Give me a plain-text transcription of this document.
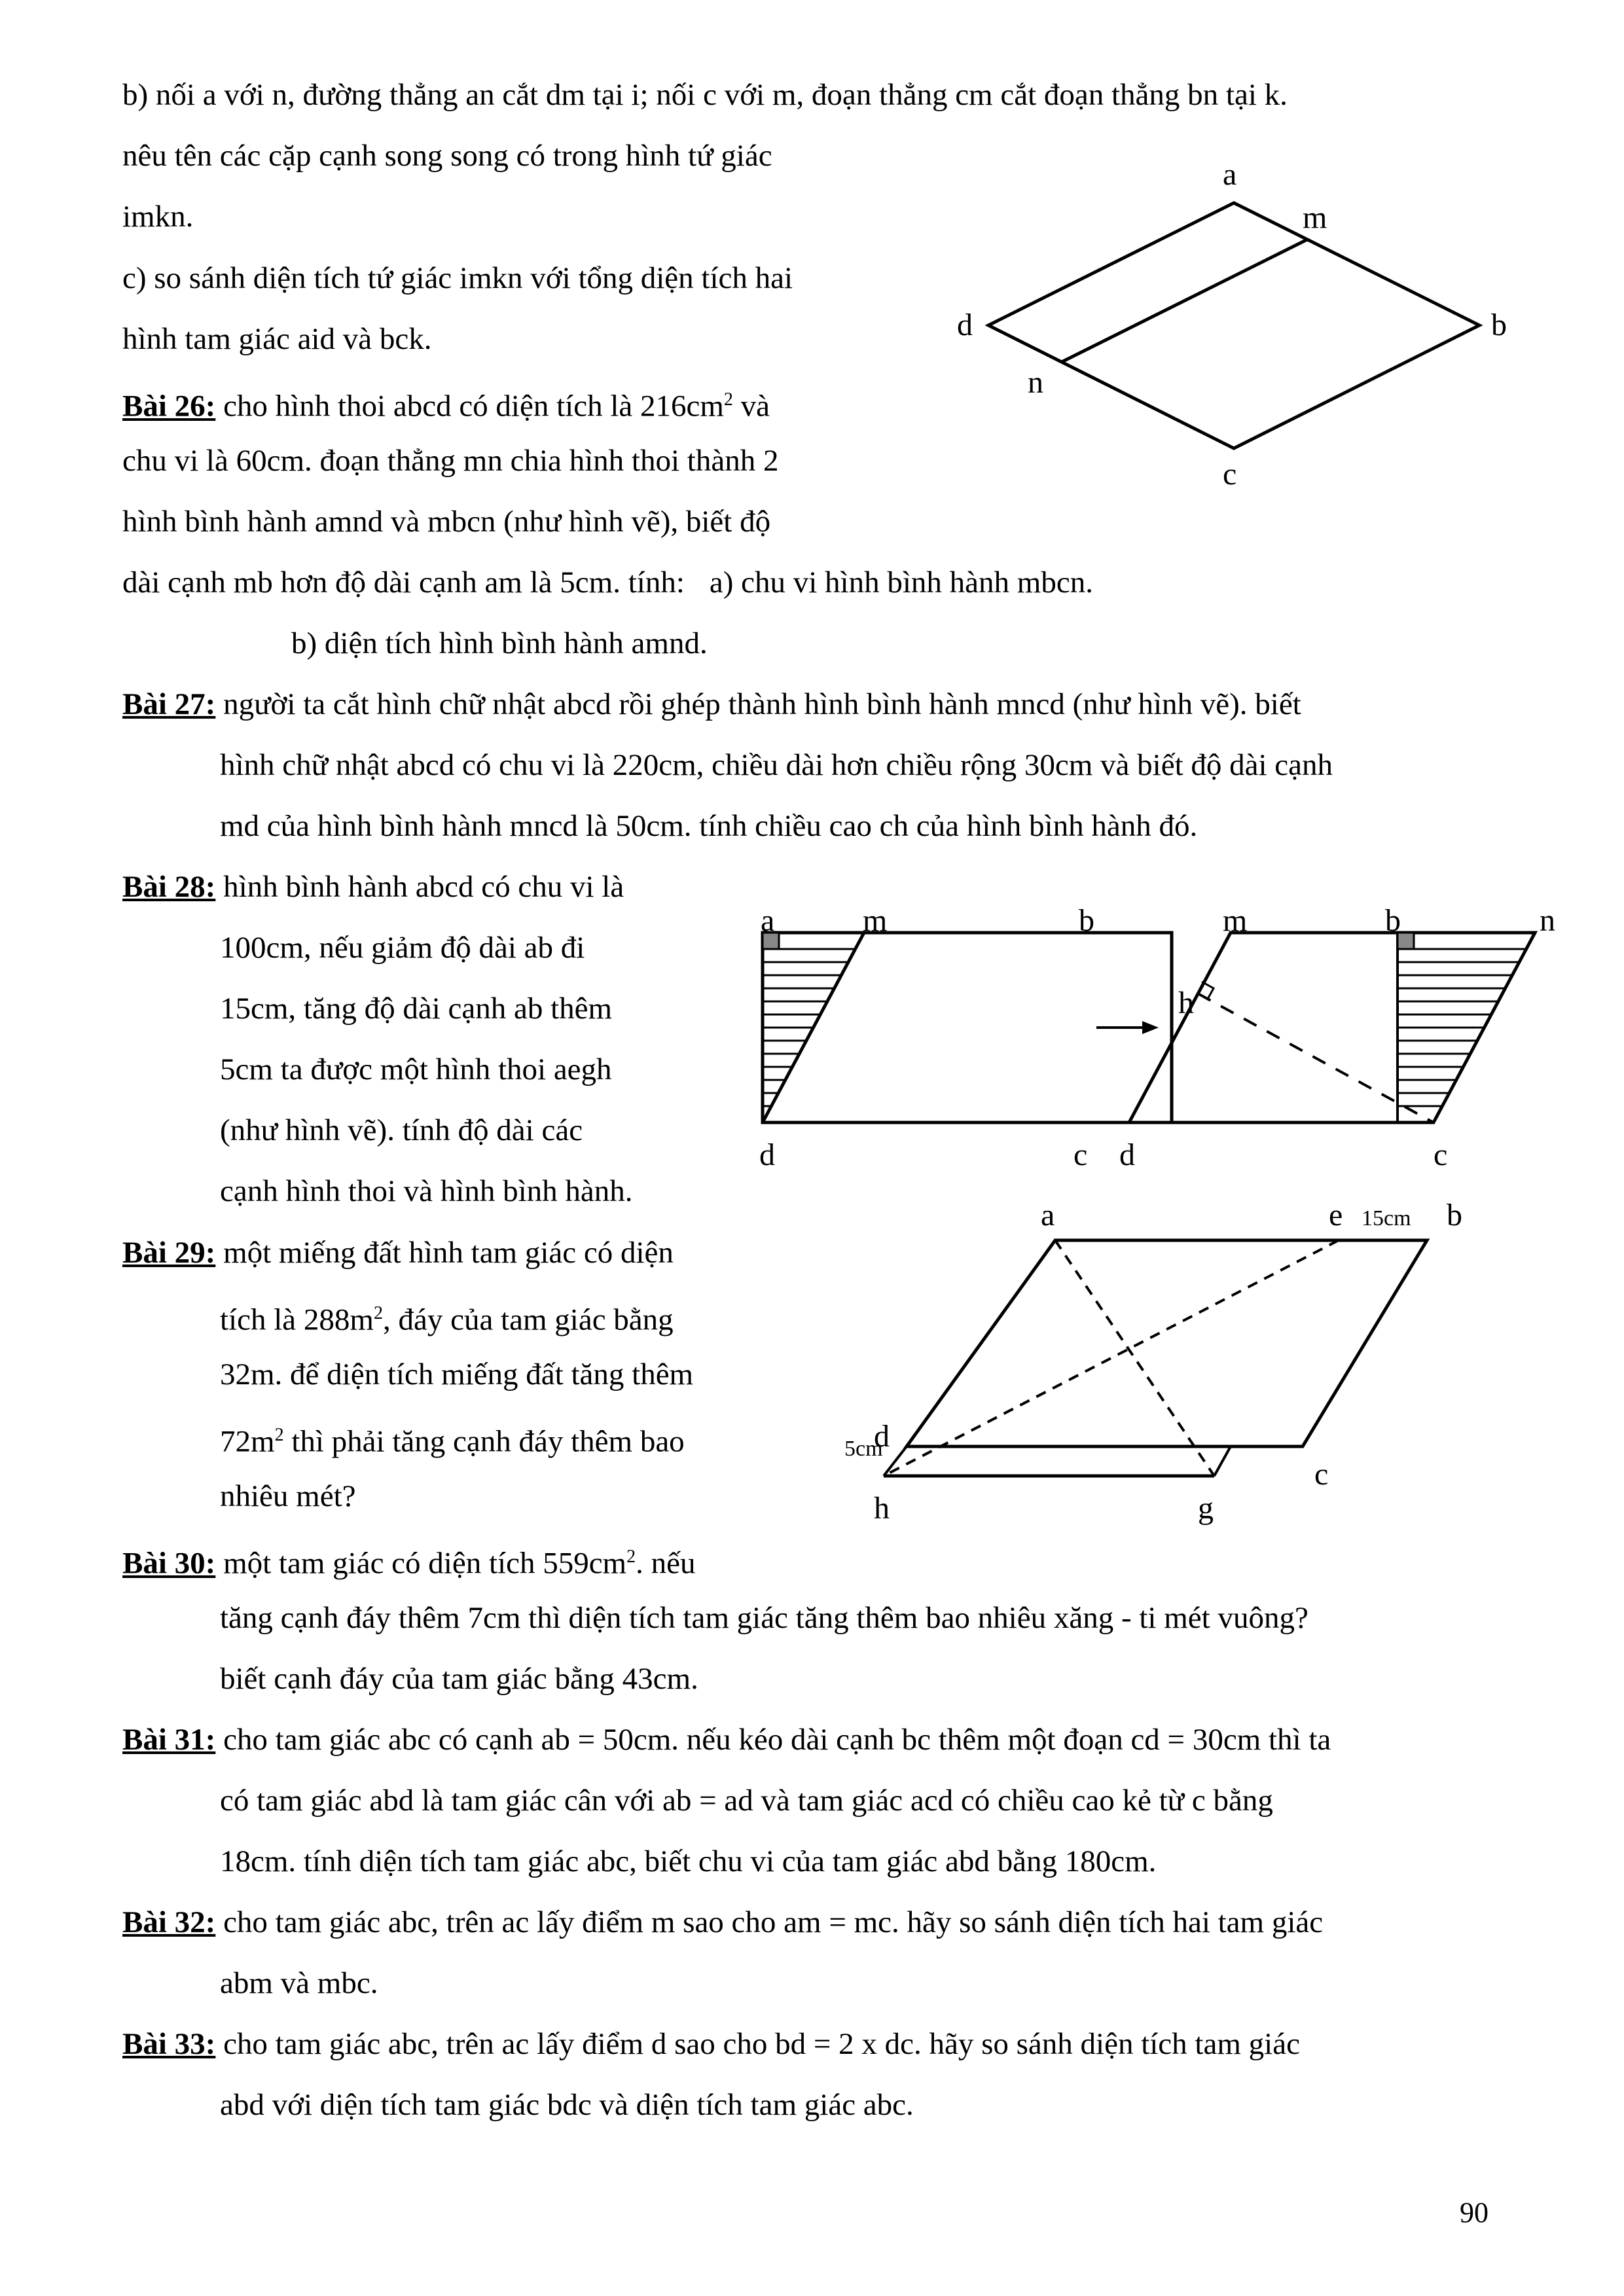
b) nối a với n, đường thẳng an cắt dm tại i; nối c với m, đoạn thẳng cm cắt đoạn thẳng bn tại k.
nêu tên các cặp cạnh song song có trong hình tứ giác
imkn.
c) so sánh diện tích tứ giác imkn với tổng diện tích hai
hình tam giác aid và bck.
Bài 26: cho hình thoi abcd có diện tích là $216cm^2$ và
chu vi là 60cm. đoạn thẳng mn chia hình thoi thành 2
hình bình hành amnd và mbcn (như hình vẽ), biết độ
dài cạnh mb hơn độ dài cạnh am là 5cm. tính: a) chu vi hình bình hành mbcn.
b) diện tích hình bình hành amnd.
a
m
b
d
n
c
Bài 27: người ta cắt hình chữ nhật abcd rồi ghép thành hình bình hành mncd (như hình vẽ). biết
hình chữ nhật abcd có chu vi là 220cm, chiều dài hơn chiều rộng 30cm và biết độ dài cạnh
md của hình bình hành mncd là 50cm. tính chiều cao ch của hình bình hành đó.
Bài 28: hình bình hành abcd có chu vi là
100cm, nếu giảm độ dài ab đi
15cm, tăng độ dài cạnh ab thêm
5cm ta được một hình thoi aegh
(như hình vẽ). tính độ dài các
cạnh hình thoi và hình bình hành.
a	m	b
d	c
m	b	n
h
d	c
Bài 29: một miếng đất hình tam giác có diện
tích là $288m^2$, đáy của tam giác bằng
32m. để diện tích miếng đất tăng thêm
$72m^2$ thì phải tăng cạnh đáy thêm bao
nhiêu mét?
a	e 15cm b
5cm
d
c
h	g
Bài 30: một tam giác có diện tích $559cm^2$. nếu
tăng cạnh đáy thêm 7cm thì diện tích tam giác tăng thêm bao nhiêu xăng - ti mét vuông?
biết cạnh đáy của tam giác bằng 43cm.
Bài 31: cho tam giác abc có cạnh ab = 50cm. nếu kéo dài cạnh bc thêm một đoạn cd = 30cm thì ta
có tam giác abd là tam giác cân với ab = ad và tam giác acd có chiều cao kẻ từ c bằng
18cm. tính diện tích tam giác abc, biết chu vi của tam giác abd bằng 180cm.
Bài 32: cho tam giác abc, trên ac lấy điểm m sao cho am = mc. hãy so sánh diện tích hai tam giác
abm và mbc.
Bài 33: cho tam giác abc, trên ac lấy điểm d sao cho bd = 2 x dc. hãy so sánh diện tích tam giác
abd với diện tích tam giác bdc và diện tích tam giác abc.
90
